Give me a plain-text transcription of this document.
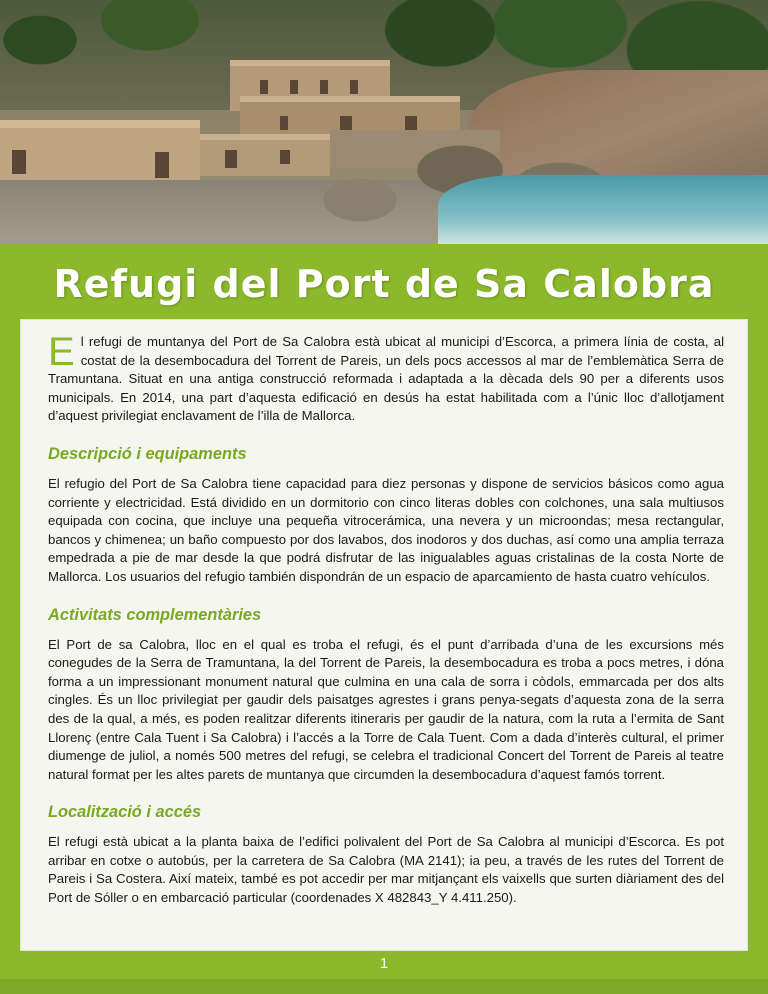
Refugi del Port de Sa Calobra

El refugi de muntanya del Port de Sa Calobra està ubicat al municipi d’Escorca, a primera línia de costa, al costat de la desembocadura del Torrent de Pareis, un dels pocs accessos al mar de l’emblemàtica Serra de Tramuntana. Situat en una antiga construcció reformada i adaptada a la dècada dels 90 per a diferents usos municipals. En 2014, una part d’aquesta edificació en desús ha estat habilitada com a l’únic lloc d’allotjament d’aquest privilegiat enclavament de l’illa de Mallorca.

Descripció i equipaments

El refugio del Port de Sa Calobra tiene capacidad para diez personas y dispone de servicios básicos como agua corriente y electricidad. Está dividido en un dormitorio con cinco literas dobles con colchones, una sala multiusos equipada con cocina, que incluye una pequeña vitrocerámica, una nevera y un microondas; mesa rectangular, bancos y chimenea; un baño compuesto por dos lavabos, dos inodoros y dos duchas, así como una amplia terraza empedrada a pie de mar desde la que podrá disfrutar de las inigualables aguas cristalinas de la costa Norte de Mallorca. Los usuarios del refugio también dispondrán de un espacio de aparcamiento de hasta cuatro vehículos.

Activitats complementàries

El Port de sa Calobra, lloc en el qual es troba el refugi, és el punt d’arribada d’una de les excursions més conegudes de la Serra de Tramuntana, la del Torrent de Pareis, la desembocadura es troba a pocs metres, i dóna forma a un impressionant monument natural que culmina en una cala de sorra i còdols, emmarcada per dos alts cingles. És un lloc privilegiat per gaudir dels paisatges agrestes i grans penya-segats d’aquesta zona de la serra des de la qual, a més, es poden realitzar diferents itineraris per gaudir de la natura, com la ruta a l’ermita de Sant Llorenç (entre Cala Tuent i Sa Calobra) i l’accés a la Torre de Cala Tuent. Com a dada d’interès cultural, el primer diumenge de juliol, a només 500 metres del refugi, se celebra el tradicional Concert del Torrent de Pareis al teatre natural format per les altes parets de muntanya que circumden la desembocadura d’aquest famós torrent.

Localització i accés

El refugi està ubicat a la planta baixa de l’edifici polivalent del Port de Sa Calobra al municipi d’Escorca. Es pot arribar en cotxe o autobús, per la carretera de Sa Calobra (MA 2141); ia peu, a través de les rutes del Torrent de Pareis i Sa Costera. Així mateix, també es pot accedir per mar mitjançant els vaixells que surten diàriament des del Port de Sóller o en embarcació particular (coordenades X 482843_Y 4.411.250).

1
